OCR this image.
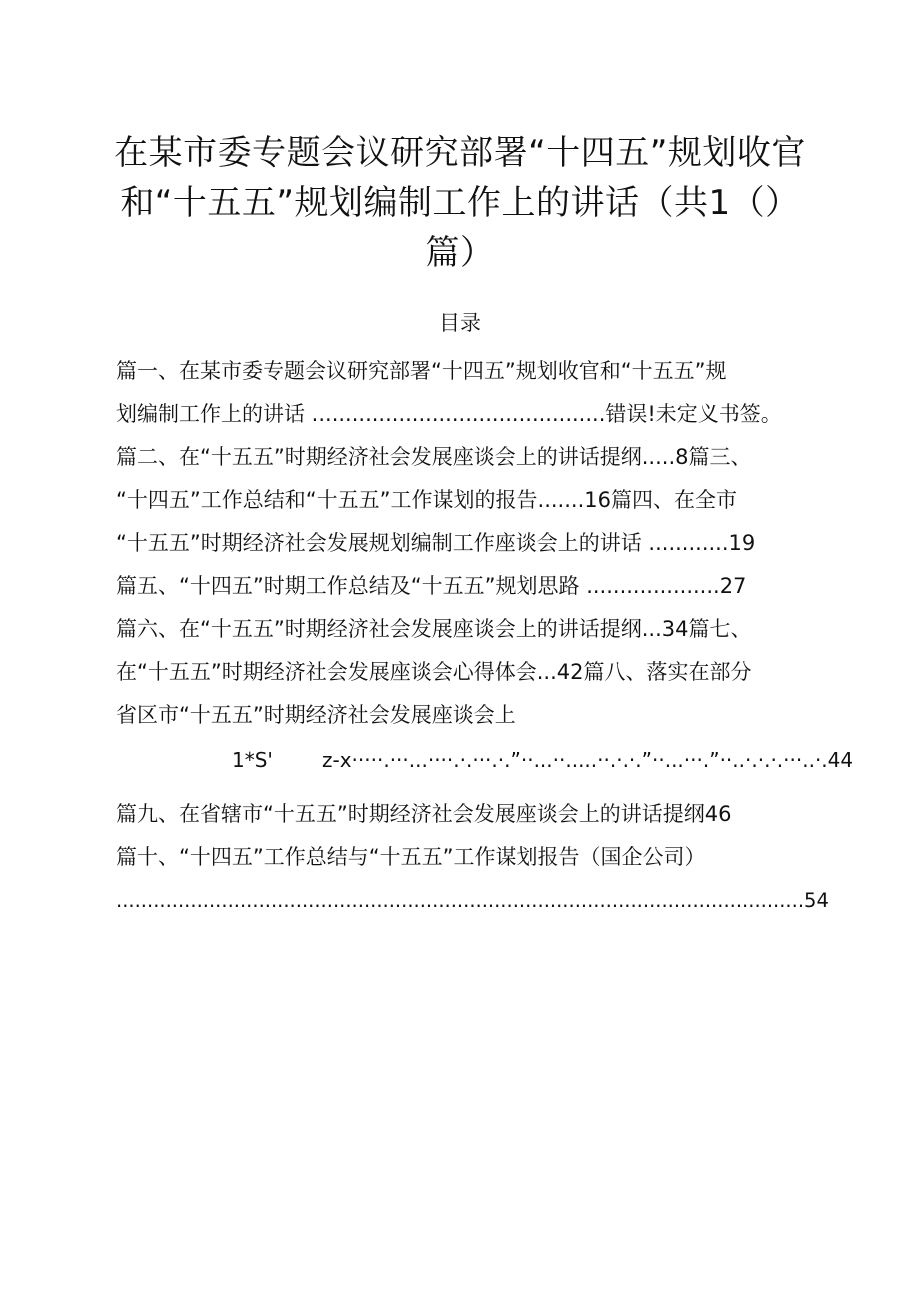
在某市委专题会议研究部署“十四五”规划收官
和“十五五”规划编制工作上的讲话（共1（）
篇）
目录
篇一、在某市委专题会议研究部署“十四五”规划收官和“十五五”规
划编制工作上的讲话 ............................................错误!未定义书签。
篇二、在“十五五”时期经济社会发展座谈会上的讲话提纲.....8篇三、
“十四五”工作总结和“十五五”工作谋划的报告.......16篇四、在全市
“十五五”时期经济社会发展规划编制工作座谈会上的讲话 ............19
篇五、“十四五”时期工作总结及“十五五”规划思路 ....................27
篇六、在“十五五”时期经济社会发展座谈会上的讲话提纲...34篇七、
在“十五五”时期经济社会发展座谈会心得体会...42篇八、落实在部分
省区市“十五五”时期经济社会发展座谈会上
1*S' z-x·····.···...····.·.···.·.”··...··.....··.·.·.”··...···.”··..·.·.·.···..·.44
篇九、在省辖市“十五五”时期经济社会发展座谈会上的讲话提纲46
篇十、“十四五”工作总结与“十五五”工作谋划报告（国企公司）
...............................................................................................................54
